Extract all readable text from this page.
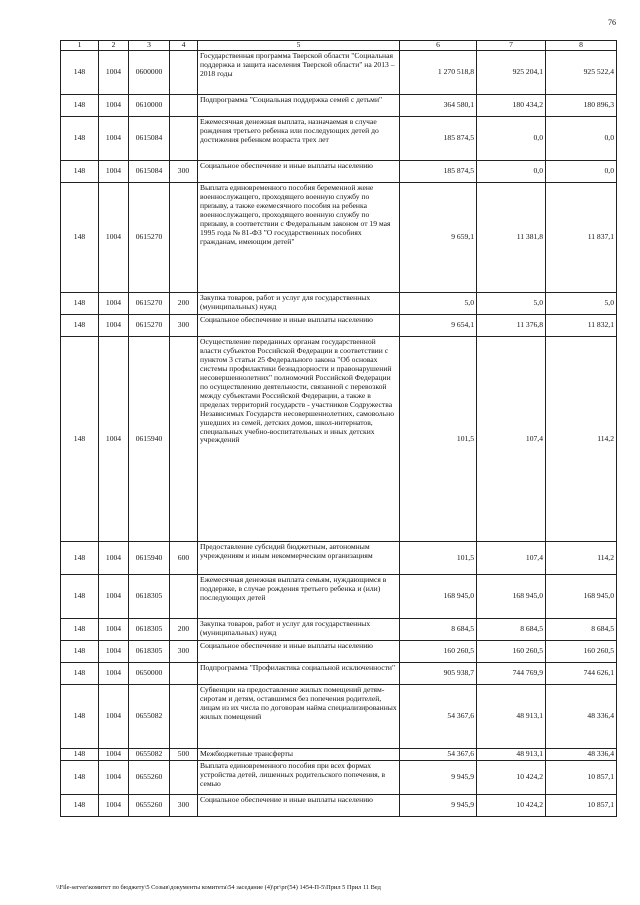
76
1	2	3	4	5	6	7	8
148	1004	0600000		Государственная программа Тверской области "Социальная поддержка и защита населения Тверской области" на 2013 – 2018 годы	1 270 518,8	925 204,1	925 522,4
148	1004	0610000		Подпрограмма "Социальная поддержка семей с детьми"	364 580,1	180 434,2	180 896,3
148	1004	0615084		Ежемесячная денежная выплата, назначаемая в случае рождения третьего ребенка или последующих детей до достижения ребенком возраста трех лет	185 874,5	0,0	0,0
148	1004	0615084	300	Социальное обеспечение и иные выплаты населению	185 874,5	0,0	0,0
148	1004	0615270		Выплата единовременного пособия беременной жене военнослужащего, проходящего военную службу по призыву, а также ежемесячного пособия на ребенка военнослужащего, проходящего военную службу по призыву, в соответствии с Федеральным законом от 19 мая 1995 года № 81-ФЗ "О государственных пособиях гражданам, имеющим детей"	9 659,1	11 381,8	11 837,1
148	1004	0615270	200	Закупка товаров, работ и услуг для государственных (муниципальных) нужд	5,0	5,0	5,0
148	1004	0615270	300	Социальное обеспечение и иные выплаты населению	9 654,1	11 376,8	11 832,1
148	1004	0615940		Осуществление переданных органам государственной власти субъектов Российской Федерации в соответствии с пунктом 3 статьи 25 Федерального закона "Об основах системы профилактики безнадзорности и правонарушений несовершеннолетних" полномочий Российской Федерации по осуществлению деятельности, связанной с перевозкой между субъектами Российской Федерации, а также в пределах территорий государств - участников Содружества Независимых Государств несовершеннолетних, самовольно ушедших из семей, детских домов, школ-интернатов, специальных учебно-воспитательных и иных детских учреждений	101,5	107,4	114,2
148	1004	0615940	600	Предоставление субсидий бюджетным, автономным учреждениям и иным некоммерческим организациям	101,5	107,4	114,2
148	1004	0618305		Ежемесячная денежная выплата семьям, нуждающимся в поддержке, в случае рождения третьего ребенка и (или) последующих детей	168 945,0	168 945,0	168 945,0
148	1004	0618305	200	Закупка товаров, работ и услуг для государственных (муниципальных) нужд	8 684,5	8 684,5	8 684,5
148	1004	0618305	300	Социальное обеспечение и иные выплаты населению	160 260,5	160 260,5	160 260,5
148	1004	0650000		Подпрограмма "Профилактика социальной исключенности"	905 938,7	744 769,9	744 626,1
148	1004	0655082		Субвенции на предоставление жилых помещений детям-сиротам и детям, оставшимся без попечения родителей, лицам из их числа по договорам найма специализированных жилых помещений	54 367,6	48 913,1	48 336,4
148	1004	0655082	500	Межбюджетные трансферты	54 367,6	48 913,1	48 336,4
148	1004	0655260		Выплата единовременного пособия при всех формах устройства детей, лишенных родительского попечения, в семью	9 945,9	10 424,2	10 857,1
148	1004	0655260	300	Социальное обеспечение и иные выплаты населению	9 945,9	10 424,2	10 857,1
\\File-server\комитет по бюджету\5 Созыв\документы комитета\54 заседание (4)\рг\рг(54) 1454-П-5\Прил 5 Прил 11 Вед
